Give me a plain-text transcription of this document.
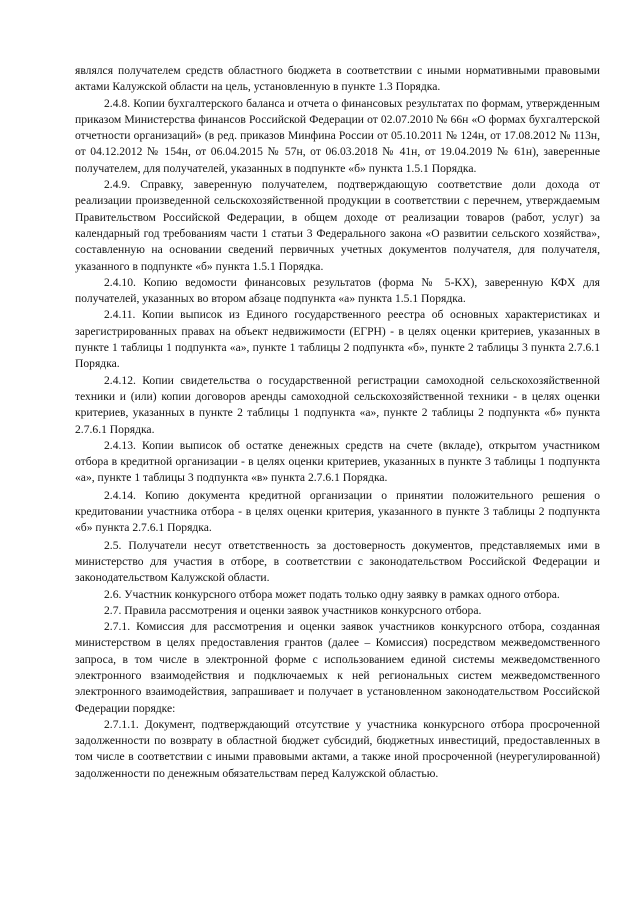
являлся получателем средств областного бюджета в соответствии с иными нормативными правовыми актами Калужской области на цель, установленную в пункте 1.3 Порядка.

2.4.8. Копии бухгалтерского баланса и отчета о финансовых результатах по формам, утвержденным приказом Министерства финансов Российской Федерации от 02.07.2010 № 66н «О формах бухгалтерской отчетности организаций» (в ред. приказов Минфина России от 05.10.2011 № 124н, от 17.08.2012 № 113н, от 04.12.2012 № 154н, от 06.04.2015 № 57н, от 06.03.2018 № 41н, от 19.04.2019 № 61н), заверенные получателем, для получателей, указанных в подпункте «б» пункта 1.5.1 Порядка.

2.4.9. Справку, заверенную получателем, подтверждающую соответствие доли дохода от реализации произведенной сельскохозяйственной продукции в соответствии с перечнем, утверждаемым Правительством Российской Федерации, в общем доходе от реализации товаров (работ, услуг) за календарный год требованиям части 1 статьи 3 Федерального закона «О развитии сельского хозяйства», составленную на основании сведений первичных учетных документов получателя, для получателя, указанного в подпункте «б» пункта 1.5.1 Порядка.

2.4.10. Копию ведомости финансовых результатов (форма № 5-КХ), заверенную КФХ для получателей, указанных во втором абзаце подпункта «а» пункта 1.5.1 Порядка.

2.4.11. Копии выписок из Единого государственного реестра об основных характеристиках и зарегистрированных правах на объект недвижимости (ЕГРН) - в целях оценки критериев, указанных в пункте 1 таблицы 1 подпункта «а», пункте 1 таблицы 2 подпункта «б», пункте 2 таблицы 3 пункта 2.7.6.1 Порядка.

2.4.12. Копии свидетельства о государственной регистрации самоходной сельскохозяйственной техники и (или) копии договоров аренды самоходной сельскохозяйственной техники - в целях оценки критериев, указанных в пункте 2 таблицы 1 подпункта «а», пункте 2 таблицы 2 подпункта «б» пункта 2.7.6.1 Порядка.

2.4.13. Копии выписок об остатке денежных средств на счете (вкладе), открытом участником отбора в кредитной организации - в целях оценки критериев, указанных в пункте 3 таблицы 1 подпункта «а», пункте 1 таблицы 3 подпункта «в» пункта 2.7.6.1 Порядка.

2.4.14. Копию документа кредитной организации о принятии положительного решения о кредитовании участника отбора - в целях оценки критерия, указанного в пункте 3 таблицы 2 подпункта «б» пункта 2.7.6.1 Порядка.

2.5. Получатели несут ответственность за достоверность документов, представляемых ими в министерство для участия в отборе, в соответствии с законодательством Российской Федерации и законодательством Калужской области.

2.6. Участник конкурсного отбора может подать только одну заявку в рамках одного отбора.

2.7. Правила рассмотрения и оценки заявок участников конкурсного отбора.

2.7.1. Комиссия для рассмотрения и оценки заявок участников конкурсного отбора, созданная министерством в целях предоставления грантов (далее – Комиссия) посредством межведомственного запроса, в том числе в электронной форме с использованием единой системы межведомственного электронного взаимодействия и подключаемых к ней региональных систем межведомственного электронного взаимодействия, запрашивает и получает в установленном законодательством Российской Федерации порядке:

2.7.1.1. Документ, подтверждающий отсутствие у участника конкурсного отбора просроченной задолженности по возврату в областной бюджет субсидий, бюджетных инвестиций, предоставленных в том числе в соответствии с иными правовыми актами, а также иной просроченной (неурегулированной) задолженности по денежным обязательствам перед Калужской областью.
